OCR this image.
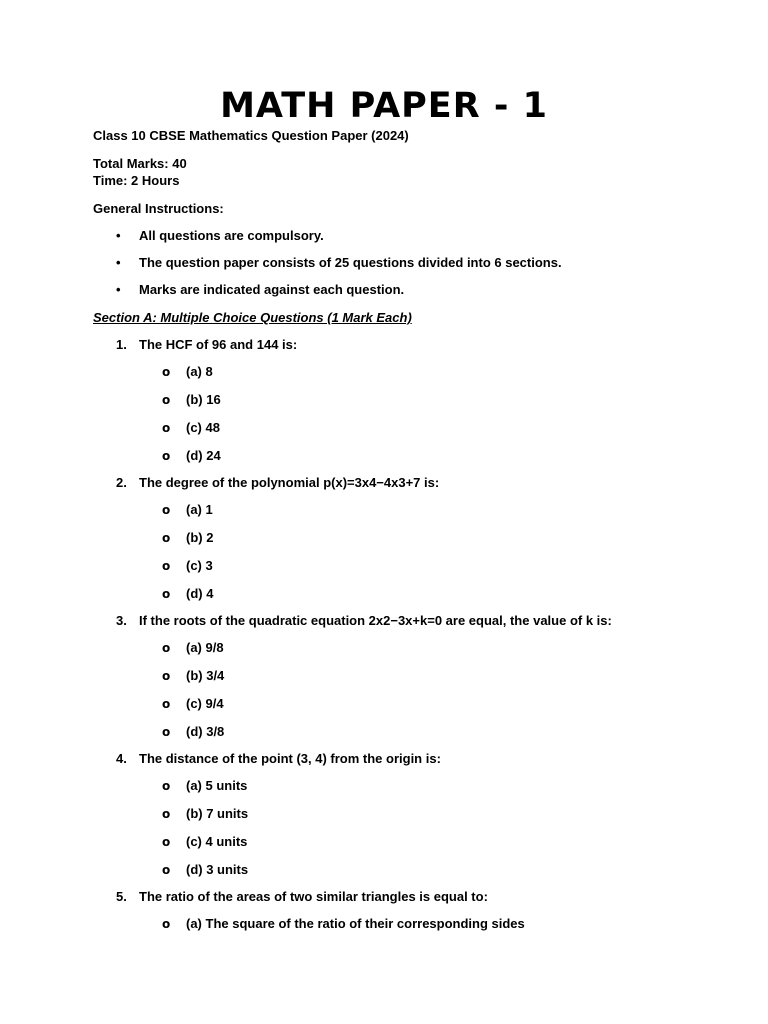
MATH PAPER - 1
Class 10 CBSE Mathematics Question Paper (2024)
Total Marks: 40
Time: 2 Hours
General Instructions:
• All questions are compulsory.
• The question paper consists of 25 questions divided into 6 sections.
• Marks are indicated against each question.
Section A: Multiple Choice Questions (1 Mark Each)
1. The HCF of 96 and 144 is:
o (a) 8
o (b) 16
o (c) 48
o (d) 24
2. The degree of the polynomial p(x)=3x4−4x3+7 is:
o (a) 1
o (b) 2
o (c) 3
o (d) 4
3. If the roots of the quadratic equation 2x2−3x+k=0 are equal, the value of k is:
o (a) 9/8
o (b) 3/4
o (c) 9/4
o (d) 3/8
4. The distance of the point (3, 4) from the origin is:
o (a) 5 units
o (b) 7 units
o (c) 4 units
o (d) 3 units
5. The ratio of the areas of two similar triangles is equal to:
o (a) The square of the ratio of their corresponding sides
